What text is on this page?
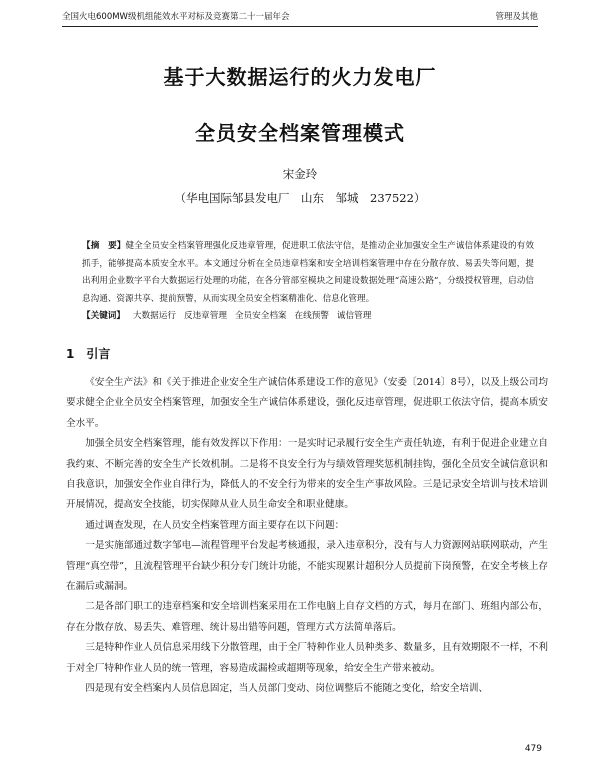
全国火电600MW级机组能效水平对标及竞赛第二十一届年会	管理及其他
基于大数据运行的火力发电厂
全员安全档案管理模式
宋金玲
（华电国际邹县发电厂　山东　邹城　237522）

【摘　要】健全全员安全档案管理强化反违章管理，促进职工依法守信，是推动企业加强安全生产诚信体系建设的有效抓手，能够提高本质安全水平。本文通过分析在全员违章档案和安全培训档案管理中存在分散存放、易丢失等问题，提出利用企业数字平台大数据运行处理的功能，在各分管部室模块之间建设数据处理“高速公路”，分级授权管理，启动信息沟通、资源共享、提前预警，从而实现全员安全档案精准化、信息化管理。

【关键词】 大数据运行 反违章管理 全员安全档案 在线预警 诚信管理

1 引言

《安全生产法》和《关于推进企业安全生产诚信体系建设工作的意见》（安委〔2014〕8号），以及上级公司均要求健全企业全员安全档案管理，加强安全生产诚信体系建设，强化反违章管理，促进职工依法守信，提高本质安全水平。

加强全员安全档案管理，能有效发挥以下作用：一是实时记录履行安全生产责任轨迹，有利于促进企业建立自我约束、不断完善的安全生产长效机制。二是将不良安全行为与绩效管理奖惩机制挂钩，强化全员安全诚信意识和自我意识，加强安全作业自律行为，降低人的不安全行为带来的安全生产事故风险。三是记录安全培训与技术培训开展情况，提高安全技能，切实保障从业人员生命安全和职业健康。

通过调查发现，在人员安全档案管理方面主要存在以下问题：

一是实施部通过数字邹电—流程管理平台发起考核通报，录入违章积分，没有与人力资源网站联网联动，产生管理“真空带”，且流程管理平台缺少积分专门统计功能，不能实现累计超积分人员提前下岗预警，在安全考核上存在漏后或漏洞。

二是各部门职工的违章档案和安全培训档案采用在工作电脑上自存文档的方式，每月在部门、班组内部公布，存在分散存放、易丢失、难管理、统计易出错等问题，管理方式方法简单落后。

三是特种作业人员信息采用线下分散管理，由于全厂特种作业人员种类多、数量多，且有效期限不一样，不利于对全厂特种作业人员的统一管理，容易造成漏检或超期等现象，给安全生产带来被动。

四是现有安全档案内人员信息固定，当人员部门变动、岗位调整后不能随之变化，给安全培训、

479
